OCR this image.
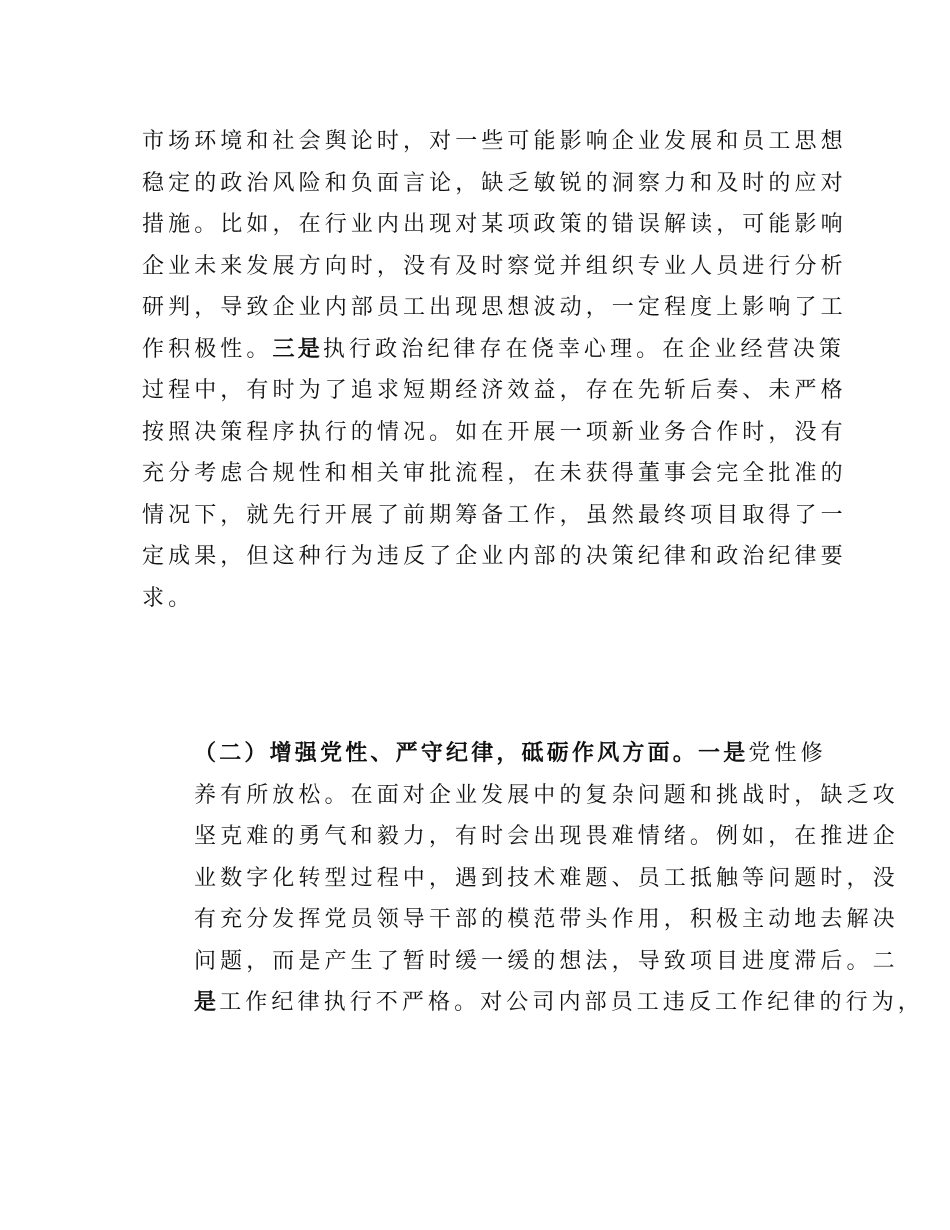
市场环境和社会舆论时，对一些可能影响企业发展和员工思想
稳定的政治风险和负面言论，缺乏敏锐的洞察力和及时的应对
措施。比如，在行业内出现对某项政策的错误解读，可能影响
企业未来发展方向时，没有及时察觉并组织专业人员进行分析
研判，导致企业内部员工出现思想波动，一定程度上影响了工
作积极性。三是执行政治纪律存在侥幸心理。在企业经营决策
过程中，有时为了追求短期经济效益，存在先斩后奏、未严格
按照决策程序执行的情况。如在开展一项新业务合作时，没有
充分考虑合规性和相关审批流程，在未获得董事会完全批准的
情况下，就先行开展了前期筹备工作，虽然最终项目取得了一
定成果，但这种行为违反了企业内部的决策纪律和政治纪律要
求。
（二）增强党性、严守纪律，砥砺作风方面。一是党性修
养有所放松。在面对企业发展中的复杂问题和挑战时，缺乏攻
坚克难的勇气和毅力，有时会出现畏难情绪。例如，在推进企
业数字化转型过程中，遇到技术难题、员工抵触等问题时，没
有充分发挥党员领导干部的模范带头作用，积极主动地去解决
问题，而是产生了暂时缓一缓的想法，导致项目进度滞后。二
是工作纪律执行不严格。对公司内部员工违反工作纪律的行为，
